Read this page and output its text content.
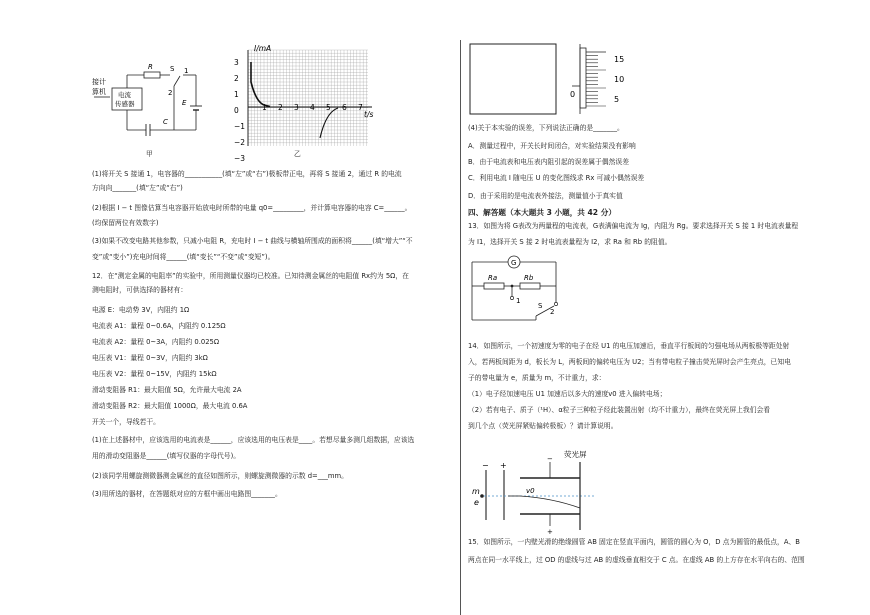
接计
算机 电流
传感器
R S 1
2
E
C
I/mA
t/s
3
2
1
0
−1
−2
−3
1 2 3 4 5 6 7
甲	乙
(1)将开关 S 接通 1，电容器的___________(填“左”或“右”)极板带正电，再将 S 接通 2，通过 R 的电流
方向向_______(填“左”或“右”)
(2)根据 I − t 图像估算当电容器开始放电时所带的电量 q0=_________，并计算电容器的电容 C=______。
(均保留两位有效数字)
(3)如果不改变电路其他参数，只减小电阻 R，充电时 I − t 曲线与横轴所围成的面积将______(填“增大”“不
变”或“变小”)充电时间将______(填“变长”“不变”或“变短”)。
12．在“测定金属的电阻率”的实验中，所用测量仪器均已校准。已知待测金属丝的电阻值 Rx约为 5Ω，在
测电阻时，可供选择的器材有：
电源 E：电动势 3V，内阻约 1Ω
电流表 A1：量程 0~0.6A，内阻约 0.125Ω
电流表 A2：量程 0~3A，内阻约 0.025Ω
电压表 V1：量程 0~3V，内阻约 3kΩ
电压表 V2：量程 0~15V，内阻约 15kΩ
滑动变阻器 R1：最大阻值 5Ω，允许最大电流 2A
滑动变阻器 R2：最大阻值 1000Ω，最大电流 0.6A
开关一个，导线若干。
(1)在上述器材中，应该选用的电流表是______，应该选用的电压表是____。若想尽量多测几组数据，应该选
用的滑动变阻器是______(填写仪器的字母代号)。
(2)该同学用螺旋测微器测金属丝的直径如图所示，则螺旋测微器的示数 d=___mm。
(3)用所选的器材，在答题纸对应的方框中画出电路图_______。
0
15
10
5
(4)关于本实验的误差，下列说法正确的是_______。
A．测量过程中，开关长时间闭合，对实验结果没有影响
B．由于电流表和电压表内阻引起的误差属于偶然误差
C．利用电流 I 随电压 U 的变化图线求 Rx 可减小偶然误差
D．由于采用的是电流表外接法，测量值小于真实值
四、解答题（本大题共 3 小题，共 42 分）
13．如图为将 G表改为两量程的电流表，G表满偏电流为 Ig，内阻为 Rg。要求选择开关 S 接 1 时电流表量程
为 I1，选择开关 S 接 2 时电流表量程为 I2，求 Ra 和 Rb 的阻值。
14．如图所示，一个初速度为零的电子在经 U1 的电压加速后，垂直平行板间的匀强电场从两板极等距处射
入，若两板间距为 d，板长为 L，两板间的偏转电压为 U2；当有带电粒子撞击荧光屏时会产生亮点，已知电
子的带电量为 e，质量为 m，不计重力，求：
（1）电子经加速电压 U1 加速后以多大的速度v0 进入偏转电场；
（2）若有电子、质子（¹H）、α粒子三种粒子经此装置出射（均不计重力），最终在荧光屏上我们会看
到几个点（荧光屏紧贴偏转极板）？请计算说明。
15．如图所示，一内壁光滑的绝缘圆管 AB 固定在竖直平面内，圆管的圆心为 O，D 点为圆管的最低点，A、B
两点在同一水平线上，过 OD 的虚线与过 AB 的虚线垂直相交于 C 点。在虚线 AB 的上方存在水平向右的、范围
G
Ra	Rb
1
2
S
荧光屏
− +
m
e
−
+
v0
